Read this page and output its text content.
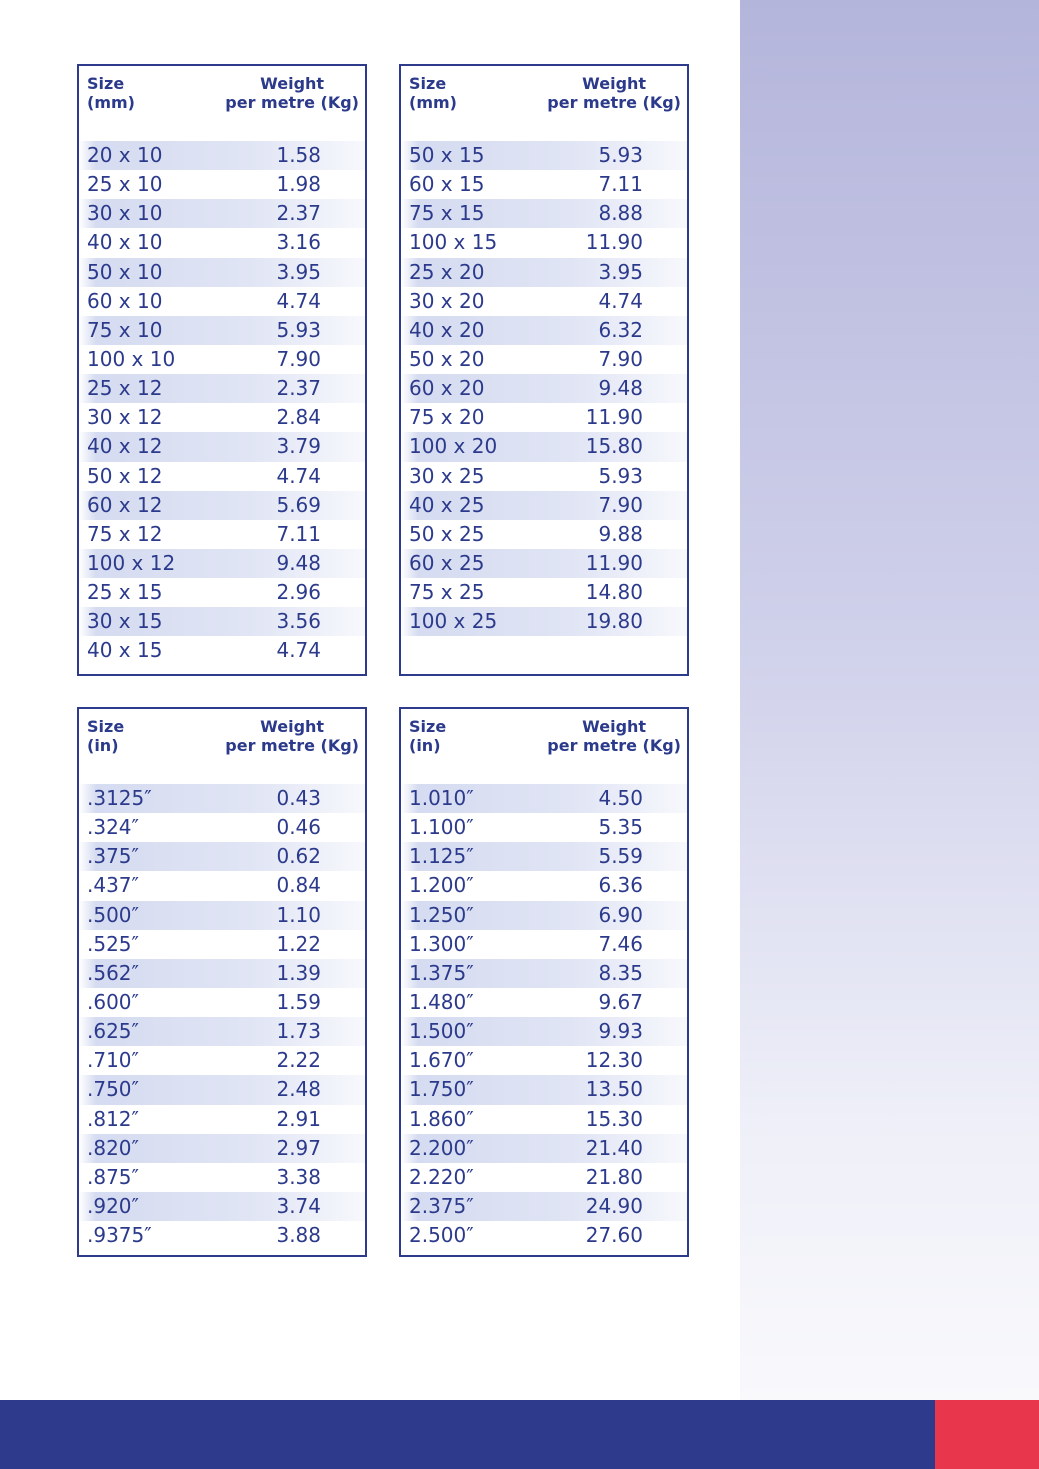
Size
(mm)
Weight
per metre (Kg)
20 x 10	1.58
25 x 10	1.98
30 x 10	2.37
40 x 10	3.16
50 x 10	3.95
60 x 10	4.74
75 x 10	5.93
100 x 10	7.90
25 x 12	2.37
30 x 12	2.84
40 x 12	3.79
50 x 12	4.74
60 x 12	5.69
75 x 12	7.11
100 x 12	9.48
25 x 15	2.96
30 x 15	3.56
40 x 15	4.74
Size
(mm)
Weight
per metre (Kg)
50 x 15	5.93
60 x 15	7.11
75 x 15	8.88
100 x 15	11.90
25 x 20	3.95
30 x 20	4.74
40 x 20	6.32
50 x 20	7.90
60 x 20	9.48
75 x 20	11.90
100 x 20	15.80
30 x 25	5.93
40 x 25	7.90
50 x 25	9.88
60 x 25	11.90
75 x 25	14.80
100 x 25	19.80
Size
(in)
Weight
per metre (Kg)
.3125″	0.43
.324″	0.46
.375″	0.62
.437″	0.84
.500″	1.10
.525″	1.22
.562″	1.39
.600″	1.59
.625″	1.73
.710″	2.22
.750″	2.48
.812″	2.91
.820″	2.97
.875″	3.38
.920″	3.74
.9375″	3.88
Size
(in)
Weight
per metre (Kg)
1.010″	4.50
1.100″	5.35
1.125″	5.59
1.200″	6.36
1.250″	6.90
1.300″	7.46
1.375″	8.35
1.480″	9.67
1.500″	9.93
1.670″	12.30
1.750″	13.50
1.860″	15.30
2.200″	21.40
2.220″	21.80
2.375″	24.90
2.500″	27.60
